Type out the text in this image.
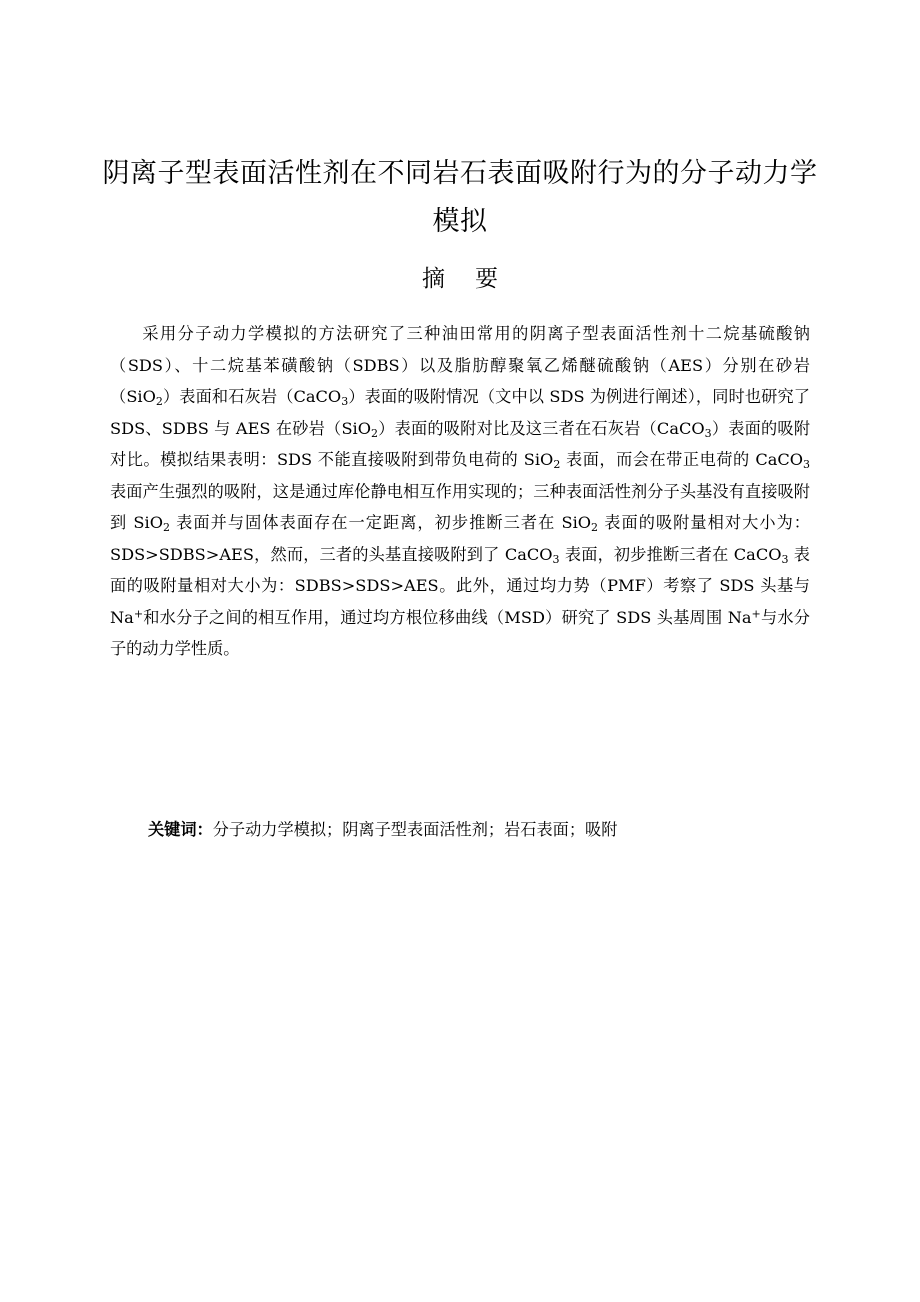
阴离子型表面活性剂在不同岩石表面吸附行为的分子动力学模拟
摘 要

采用分子动力学模拟的方法研究了三种油田常用的阴离子型表面活性剂十二烷基硫酸钠（SDS）、十二烷基苯磺酸钠（SDBS）以及脂肪醇聚氧乙烯醚硫酸钠（AES）分别在砂岩（SiO$_2$）表面和石灰岩（CaCO$_3$）表面的吸附情况（文中以 SDS 为例进行阐述），同时也研究了 SDS、SDBS 与 AES 在砂岩（SiO$_2$）表面的吸附对比及这三者在石灰岩（CaCO$_3$）表面的吸附对比。模拟结果表明：SDS 不能直接吸附到带负电荷的 SiO$_2$ 表面，而会在带正电荷的 CaCO$_3$ 表面产生强烈的吸附，这是通过库伦静电相互作用实现的；三种表面活性剂分子头基没有直接吸附到 SiO$_2$ 表面并与固体表面存在一定距离，初步推断三者在 SiO$_2$ 表面的吸附量相对大小为：SDS>SDBS>AES，然而，三者的头基直接吸附到了 CaCO$_3$ 表面，初步推断三者在 CaCO$_3$ 表面的吸附量相对大小为：SDBS>SDS>AES。此外，通过均力势（PMF）考察了 SDS 头基与 Na+和水分子之间的相互作用，通过均方根位移曲线（MSD）研究了 SDS 头基周围 Na+与水分子的动力学性质。

关键词：分子动力学模拟；阴离子型表面活性剂；岩石表面；吸附
